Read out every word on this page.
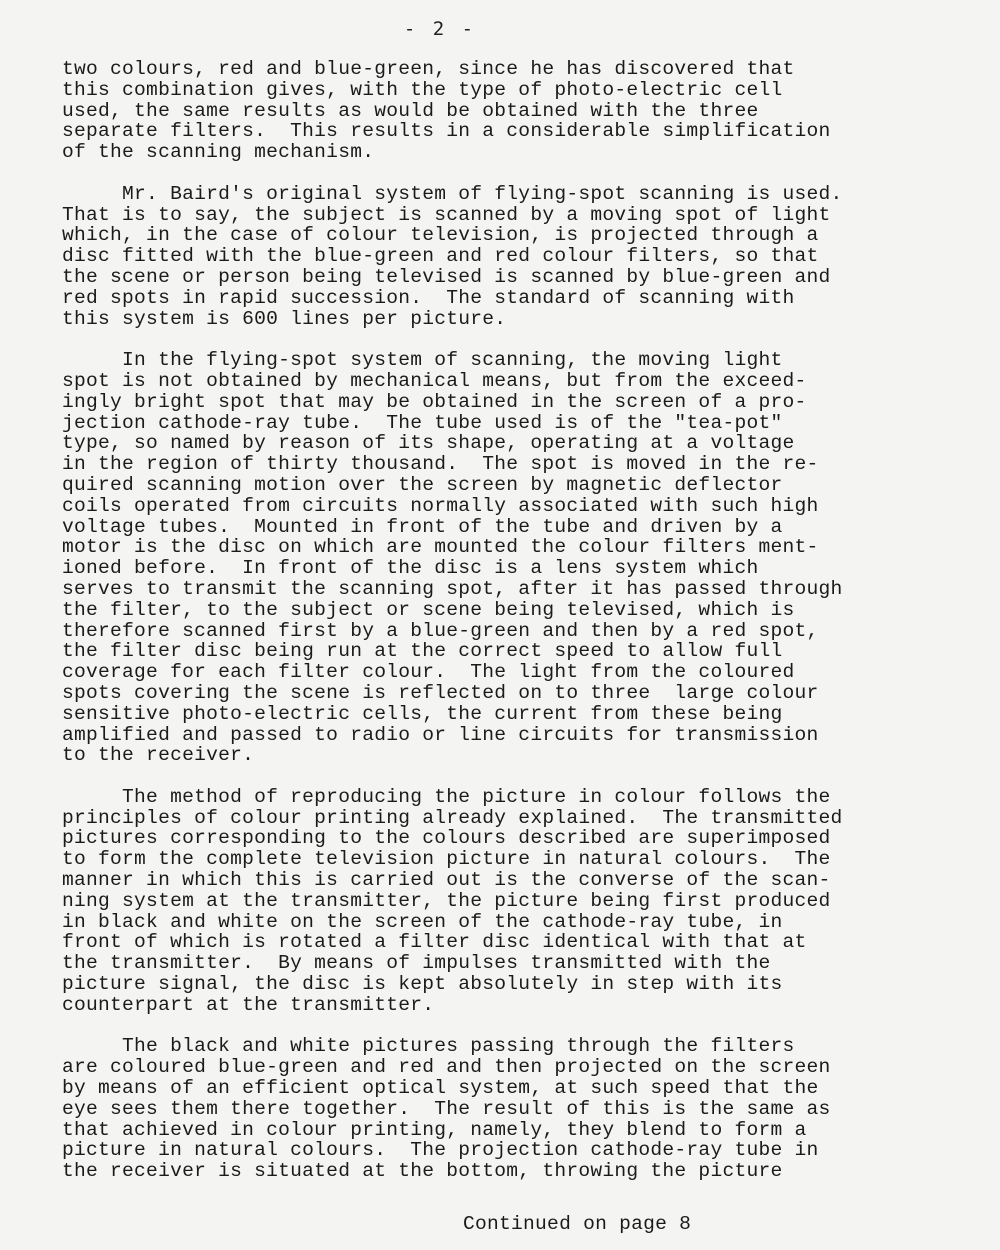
- 2 -
two colours, red and blue-green, since he has discovered that
this combination gives, with the type of photo-electric cell
used, the same results as would be obtained with the three
separate filters.  This results in a considerable simplification
of the scanning mechanism.
Mr. Baird's original system of flying-spot scanning is used.
That is to say, the subject is scanned by a moving spot of light
which, in the case of colour television, is projected through a
disc fitted with the blue-green and red colour filters, so that
the scene or person being televised is scanned by blue-green and
red spots in rapid succession.  The standard of scanning with
this system is 600 lines per picture.
In the flying-spot system of scanning, the moving light
spot is not obtained by mechanical means, but from the exceed-
ingly bright spot that may be obtained in the screen of a pro-
jection cathode-ray tube.  The tube used is of the "tea-pot"
type, so named by reason of its shape, operating at a voltage
in the region of thirty thousand.  The spot is moved in the re-
quired scanning motion over the screen by magnetic deflector
coils operated from circuits normally associated with such high
voltage tubes.  Mounted in front of the tube and driven by a
motor is the disc on which are mounted the colour filters ment-
ioned before.  In front of the disc is a lens system which
serves to transmit the scanning spot, after it has passed through
the filter, to the subject or scene being televised, which is
therefore scanned first by a blue-green and then by a red spot,
the filter disc being run at the correct speed to allow full
coverage for each filter colour.  The light from the coloured
spots covering the scene is reflected on to three  large colour
sensitive photo-electric cells, the current from these being
amplified and passed to radio or line circuits for transmission
to the receiver.
The method of reproducing the picture in colour follows the
principles of colour printing already explained.  The transmitted
pictures corresponding to the colours described are superimposed
to form the complete television picture in natural colours.  The
manner in which this is carried out is the converse of the scan-
ning system at the transmitter, the picture being first produced
in black and white on the screen of the cathode-ray tube, in
front of which is rotated a filter disc identical with that at
the transmitter.  By means of impulses transmitted with the
picture signal, the disc is kept absolutely in step with its
counterpart at the transmitter.
The black and white pictures passing through the filters
are coloured blue-green and red and then projected on the screen
by means of an efficient optical system, at such speed that the
eye sees them there together.  The result of this is the same as
that achieved in colour printing, namely, they blend to form a
picture in natural colours.  The projection cathode-ray tube in
the receiver is situated at the bottom, throwing the picture
Continued on page 8
